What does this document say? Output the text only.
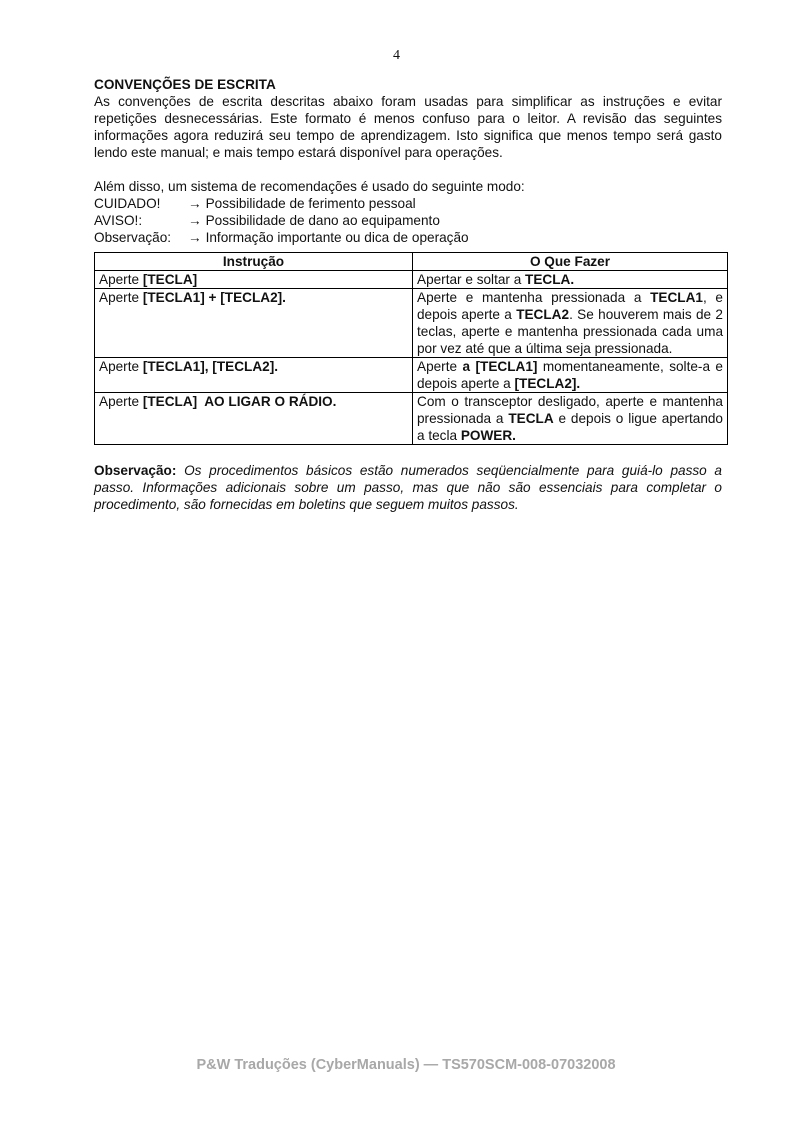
4

CONVENÇÕES DE ESCRITA

As convenções de escrita descritas abaixo foram usadas para simplificar as instruções e evitar repetições desnecessárias. Este formato é menos confuso para o leitor. A revisão das seguintes informações agora reduzirá seu tempo de aprendizagem. Isto significa que menos tempo será gasto lendo este manual; e mais tempo estará disponível para operações.

Além disso, um sistema de recomendações é usado do seguinte modo:

CUIDADO!	→ Possibilidade de ferimento pessoal
AVISO!:	→ Possibilidade de dano ao equipamento
Observação:	→ Informação importante ou dica de operação
Instrução	O Que Fazer
Aperte [TECLA]	Apertar e soltar a TECLA.
Aperte [TECLA1] + [TECLA2].	Aperte e mantenha pressionada a TECLA1, e depois aperte a TECLA2. Se houverem mais de 2 teclas, aperte e mantenha pressionada cada uma por vez até que a última seja pressionada.
Aperte [TECLA1], [TECLA2].	Aperte a [TECLA1] momentaneamente, solte-a e depois aperte a [TECLA2].
Aperte [TECLA]  AO LIGAR O RÁDIO.	Com o transceptor desligado, aperte e mantenha pressionada a TECLA e depois o ligue apertando a tecla POWER.

Observação: Os procedimentos básicos estão numerados seqüencialmente para guiá-lo passo a passo. Informações adicionais sobre um passo, mas que não são essenciais para completar o procedimento, são fornecidas em boletins que seguem muitos passos.

P&W Traduções (CyberManuals) — TS570SCM-008-07032008
